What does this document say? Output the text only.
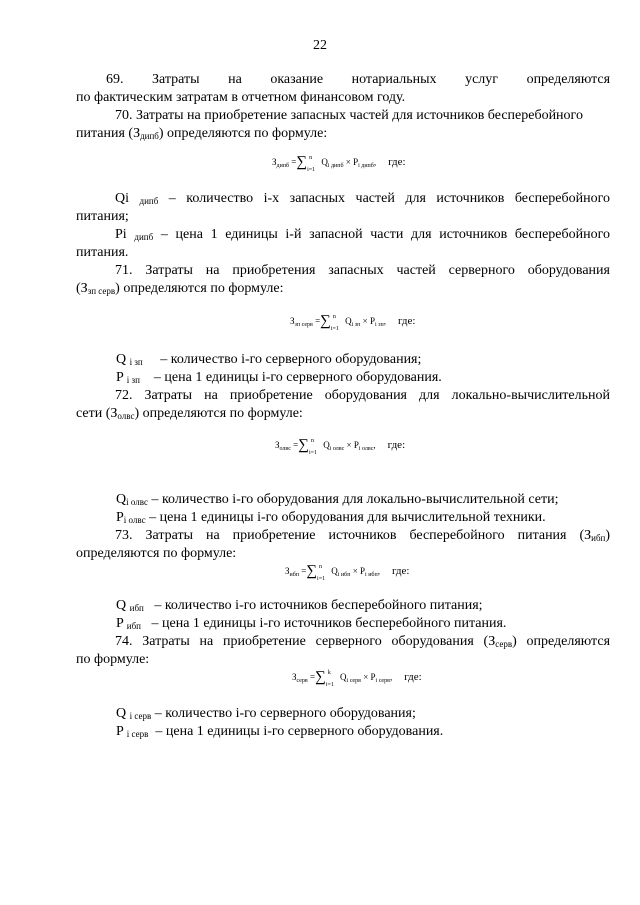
22

69. Затраты на оказание нотариальных услуг определяются

по фактическим затратам в отчетном финансовом году.

70. Затраты на приобретение запасных частей для источников бесперебойного

питания $(З_{дипб})$ определяются по формуле:

$З_{дипб}$ =∑ n
i=1
$Q_{i дипб} \times P_{i дипб}$, где:

Qi $_{дипб}$ – количество i-х запасных частей для источников бесперебойного

питания;

Pi $_{дипб}$ – цена 1 единицы i-й запасной части для источников бесперебойного

питания.

71. Затраты на приобретения запасных частей серверного оборудования

$(З_{зп серв})$ определяются по формуле:

$З_{зп серв}$ =∑ n
i=1
$Q_{i зп} \times P_{i зп}$, где:

Q $_{i зп}$ – количество i-го серверного оборудования;

P $_{i зп}$ – цена 1 единицы i-го серверного оборудования.

72. Затраты на приобретение оборудования для локально-вычислительной

сети $(З_{олвс})$ определяются по формуле:

$З_{олвс}$ =∑ n
i=1
$Q_{i олвс} \times P_{i олвс}$, где:

$Q_{i олвс}$ – количество i-го оборудования для локально-вычислительной сети;

$P_{i олвс}$ – цена 1 единицы i-го оборудования для вычислительной техники.

73. Затраты на приобретение источников бесперебойного питания $(З_{ибп})$

определяются по формуле:

$З_{ибп}$ =∑ n
i=1
$Q_{i ибп} \times P_{i ибп}$, где:

Q $_{ибп}$ – количество i-го источников бесперебойного питания;

P $_{ибп}$ – цена 1 единицы i-го источников бесперебойного питания.

74. Затраты на приобретение серверного оборудования $(З_{серв})$ определяются

по формуле:

$З_{серв}$ =∑ k
i=1
$Q_{i серв} \times P_{i серв}$, где:

Q $_{i серв}$ – количество i-го серверного оборудования;

P $_{i серв}$ – цена 1 единицы i-го серверного оборудования.
